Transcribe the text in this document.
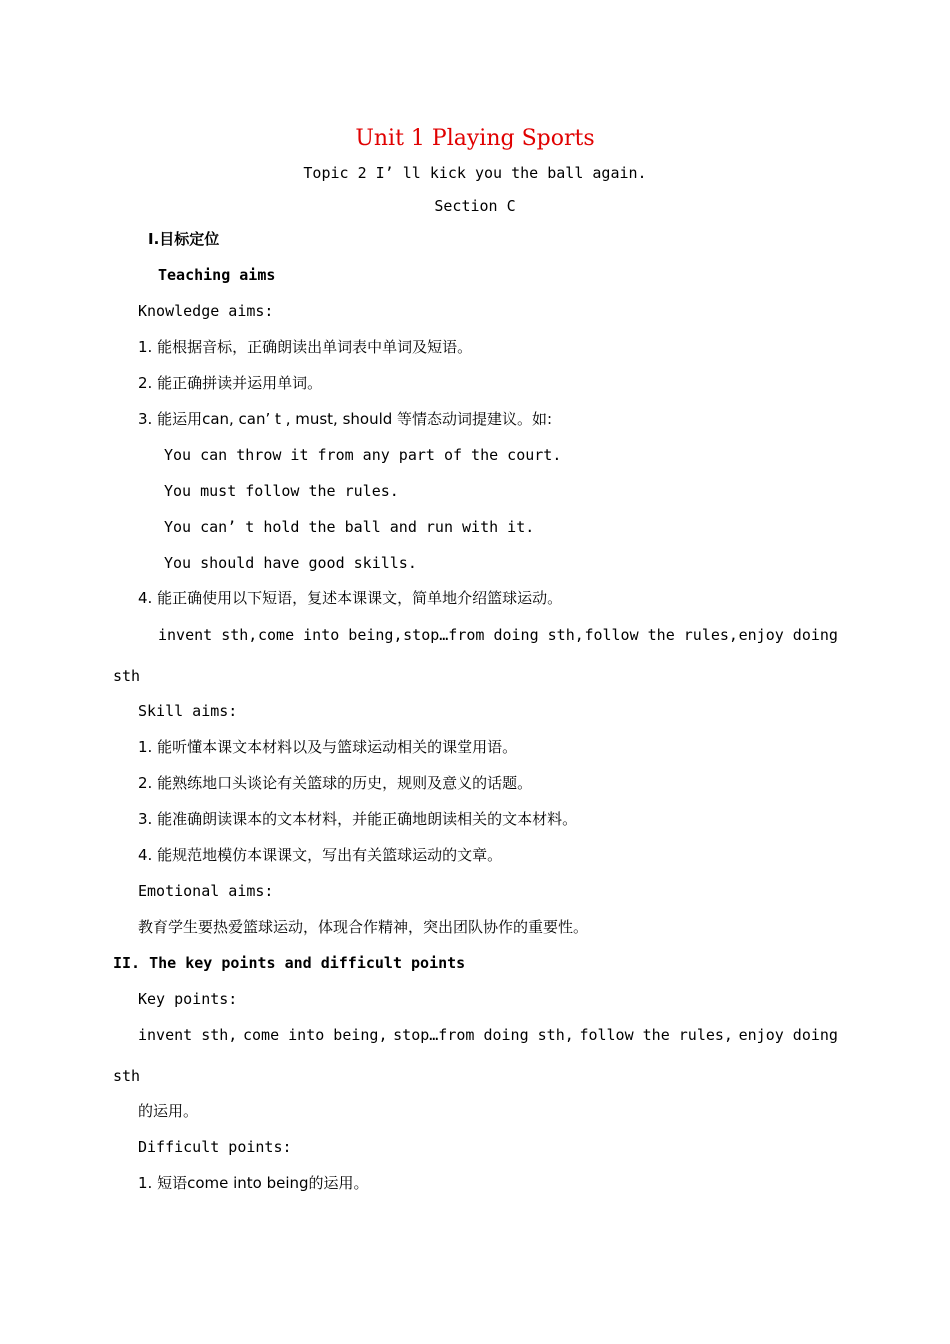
Unit 1 Playing Sports
Topic 2 I’ ll kick you the ball again.
Section C
I.目标定位
Teaching aims
Knowledge aims:
1. 能根据音标，正确朗读出单词表中单词及短语。
2. 能正确拼读并运用单词。
3. 能运用can, can’ t , must, should 等情态动词提建议。如:
You can throw it from any part of the court.
You must follow the rules.
You can’ t hold the ball and run with it.
You should have good skills.
4. 能正确使用以下短语，复述本课课文，简单地介绍篮球运动。
invent sth, come into being, stop…from doing sth, follow the rules, enjoy doing
sth
Skill aims:
1. 能听懂本课文本材料以及与篮球运动相关的课堂用语。
2. 能熟练地口头谈论有关篮球的历史，规则及意义的话题。
3. 能准确朗读课本的文本材料，并能正确地朗读相关的文本材料。
4. 能规范地模仿本课课文，写出有关篮球运动的文章。
Emotional aims:
教育学生要热爱篮球运动，体现合作精神，突出团队协作的重要性。
II. The key points and difficult points
Key points:
invent sth, come into being, stop…from doing sth, follow the rules, enjoy doing
sth
的运用。
Difficult points:
1. 短语come into being的运用。
